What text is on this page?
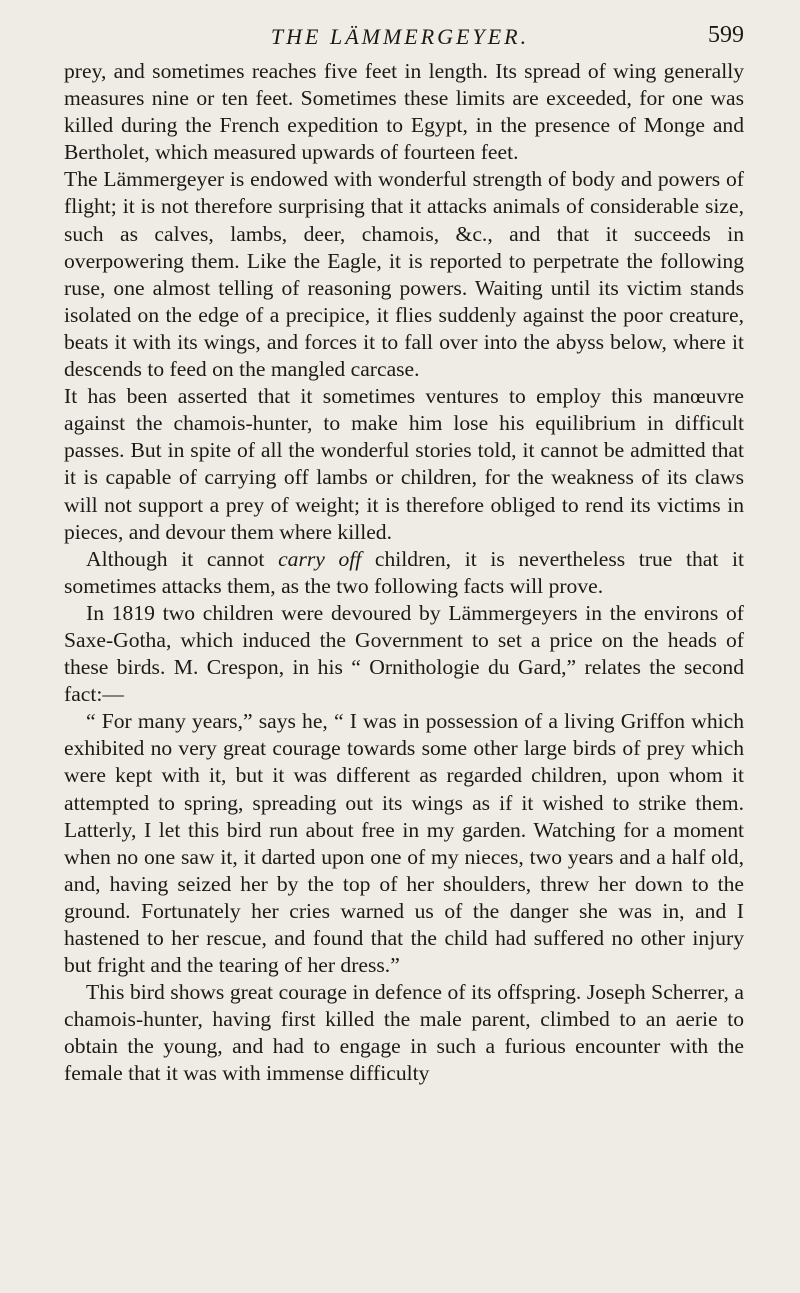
THE LÄMMERGEYER.	599

prey, and sometimes reaches five feet in length. Its spread of wing generally measures nine or ten feet. Sometimes these limits are exceeded, for one was killed during the French expedition to Egypt, in the presence of Monge and Bertholet, which measured upwards of fourteen feet.

The Lämmergeyer is endowed with wonderful strength of body and powers of flight; it is not therefore surprising that it attacks animals of considerable size, such as calves, lambs, deer, chamois, &c., and that it succeeds in overpowering them. Like the Eagle, it is reported to perpetrate the following ruse, one almost telling of reasoning powers. Waiting until its victim stands isolated on the edge of a precipice, it flies suddenly against the poor creature, beats it with its wings, and forces it to fall over into the abyss below, where it descends to feed on the mangled carcase.

It has been asserted that it sometimes ventures to employ this manœuvre against the chamois-hunter, to make him lose his equilibrium in difficult passes. But in spite of all the wonderful stories told, it cannot be admitted that it is capable of carrying off lambs or children, for the weakness of its claws will not support a prey of weight; it is therefore obliged to rend its victims in pieces, and devour them where killed.

Although it cannot carry off children, it is nevertheless true that it sometimes attacks them, as the two following facts will prove.

In 1819 two children were devoured by Lämmergeyers in the environs of Saxe-Gotha, which induced the Government to set a price on the heads of these birds. M. Crespon, in his “ Ornithologie du Gard,” relates the second fact:—

“ For many years,” says he, “ I was in possession of a living Griffon which exhibited no very great courage towards some other large birds of prey which were kept with it, but it was different as regarded children, upon whom it attempted to spring, spreading out its wings as if it wished to strike them. Latterly, I let this bird run about free in my garden. Watching for a moment when no one saw it, it darted upon one of my nieces, two years and a half old, and, having seized her by the top of her shoulders, threw her down to the ground. Fortunately her cries warned us of the danger she was in, and I hastened to her rescue, and found that the child had suffered no other injury but fright and the tearing of her dress.”

This bird shows great courage in defence of its offspring. Joseph Scherrer, a chamois-hunter, having first killed the male parent, climbed to an aerie to obtain the young, and had to engage in such a furious encounter with the female that it was with immense difficulty
